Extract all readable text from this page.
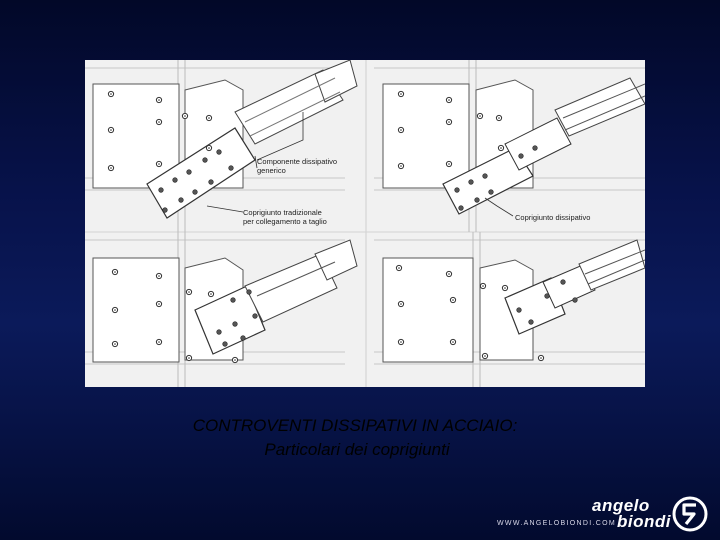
Componente dissipativo generico
Coprigiunto tradizionale per collegamento a taglio	Coprigiunto dissipativo
CONTROVENTI DISSIPATIVI IN ACCIAIO:
Particolari dei coprigiunti
angelo
biondi
WWW.ANGELOBIONDI.COM
